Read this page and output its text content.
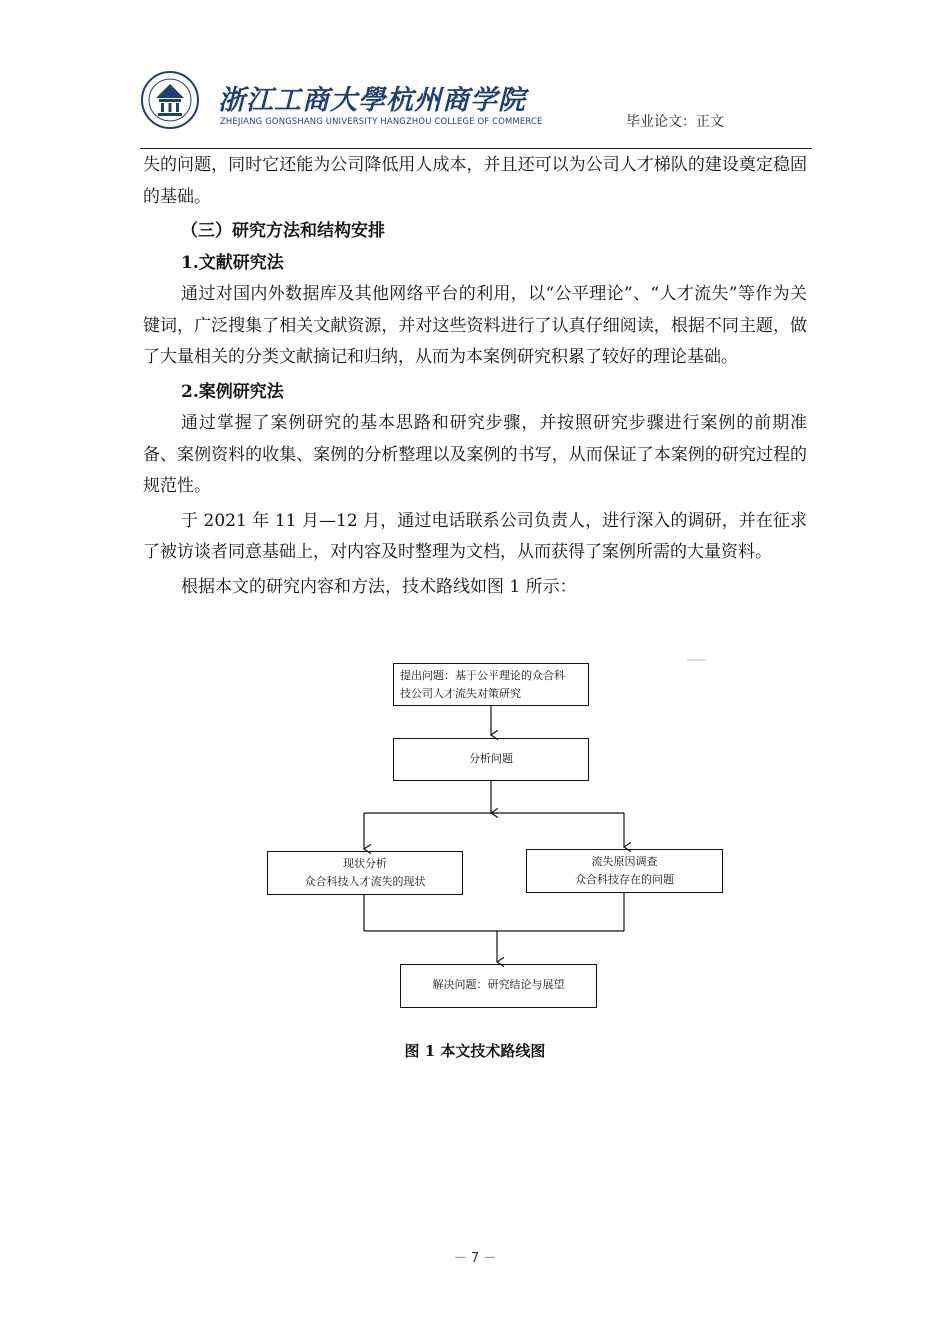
浙江工商大學杭州商学院
ZHEJIANG GONGSHANG UNIVERSITY HANGZHOU COLLEGE OF COMMERCE	毕业论文：正文

失的问题，同时它还能为公司降低用人成本，并且还可以为公司人才梯队的建设奠定稳固的基础。

（三）研究方法和结构安排

1.文献研究法

通过对国内外数据库及其他网络平台的利用，以“公平理论”、“人才流失”等作为关键词，广泛搜集了相关文献资源，并对这些资料进行了认真仔细阅读，根据不同主题，做了大量相关的分类文献摘记和归纳，从而为本案例研究积累了较好的理论基础。

2.案例研究法

通过掌握了案例研究的基本思路和研究步骤，并按照研究步骤进行案例的前期准备、案例资料的收集、案例的分析整理以及案例的书写，从而保证了本案例的研究过程的规范性。

于 2021 年 11 月—12 月，通过电话联系公司负责人，进行深入的调研，并在征求了被访谈者同意基础上，对内容及时整理为文档，从而获得了案例所需的大量资料。

根据本文的研究内容和方法，技术路线如图 1 所示：

提出问题：基于公平理论的众合科
技公司人才流失对策研究
分析问题
现状分析
众合科技人才流失的现状
流失原因调查
众合科技存在的问题
解决问题：研究结论与展望
图 1 本文技术路线图
－ 7 －
